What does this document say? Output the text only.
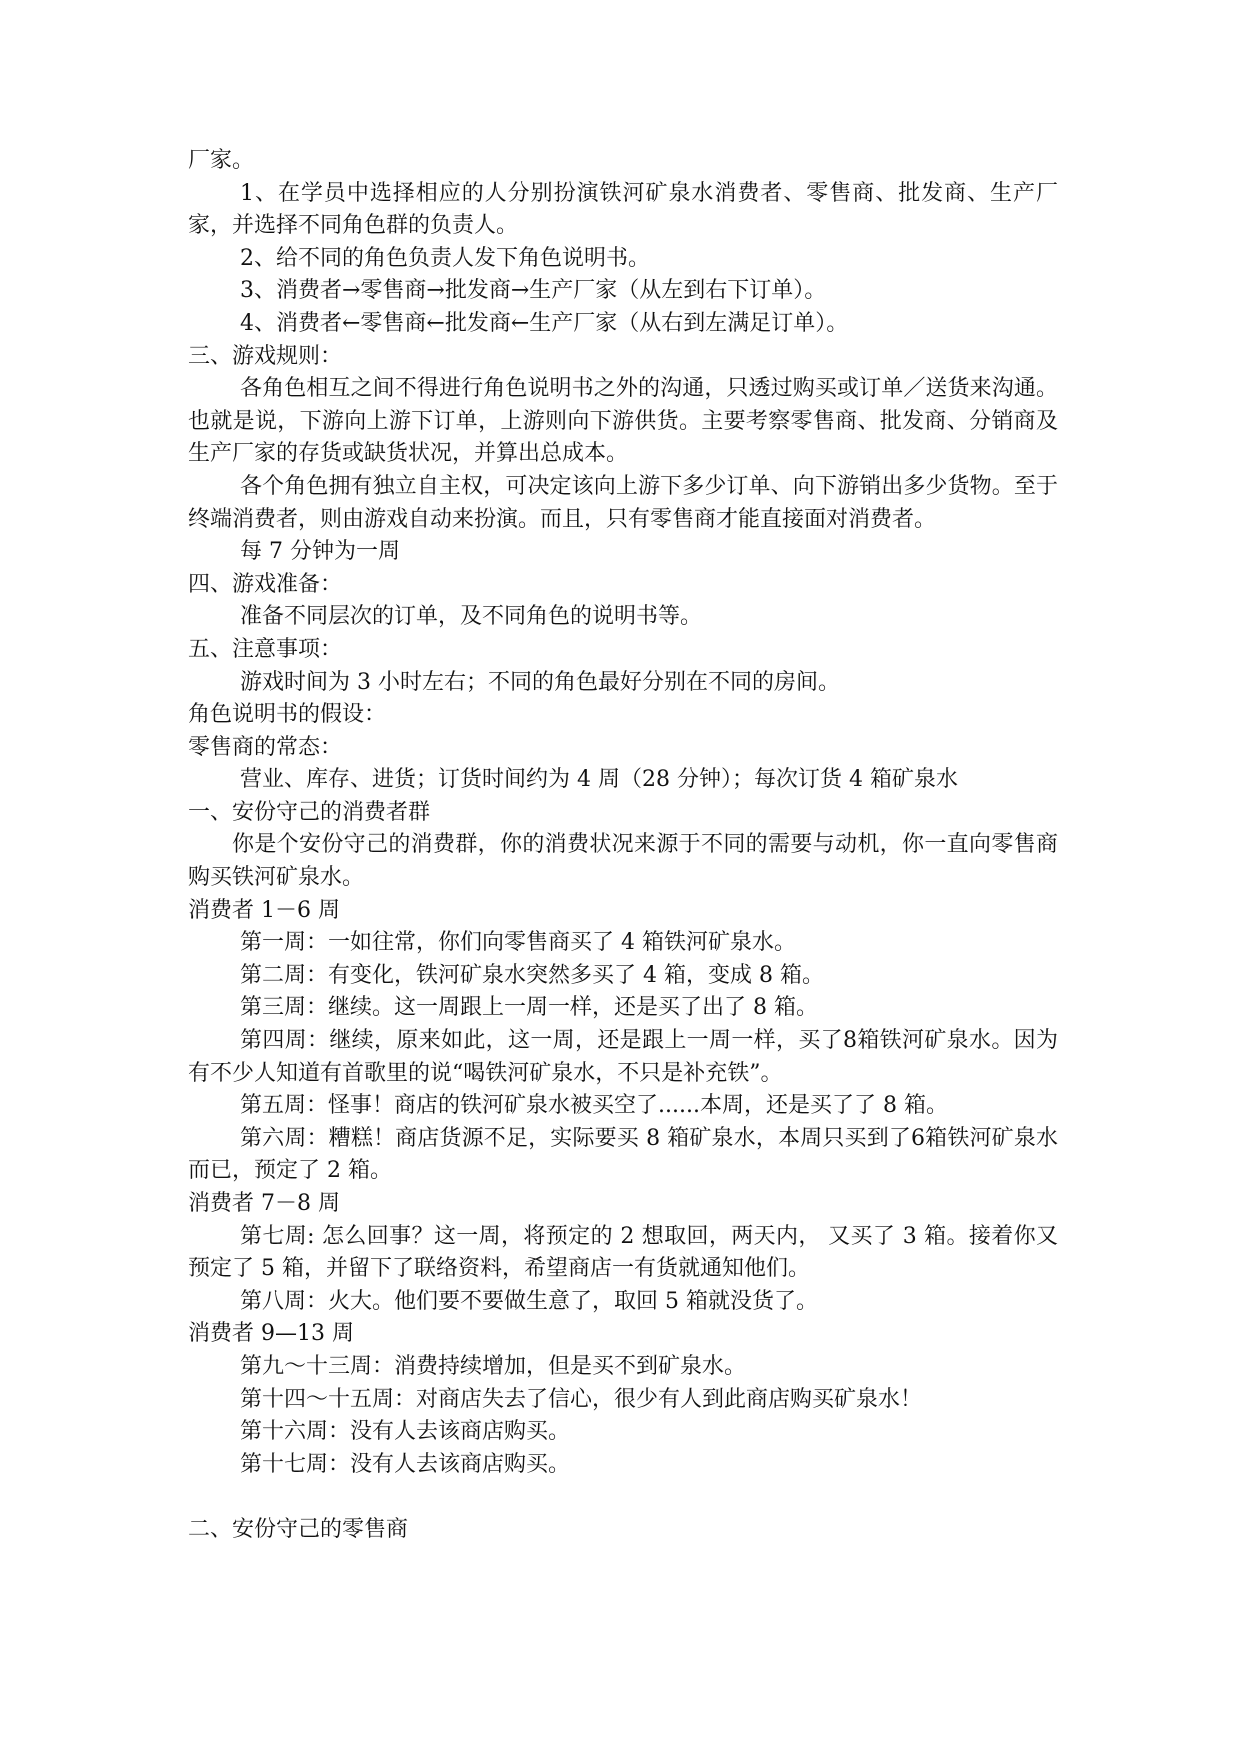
厂家。

1、在学员中选择相应的人分别扮演铁河矿泉水消费者、零售商、批发商、生产厂家，并选择不同角色群的负责人。

2、给不同的角色负责人发下角色说明书。

3、消费者→零售商→批发商→生产厂家（从左到右下订单）。

4、消费者←零售商←批发商←生产厂家（从右到左满足订单）。

三、游戏规则：

各角色相互之间不得进行角色说明书之外的沟通，只透过购买或订单／送货来沟通。也就是说，下游向上游下订单，上游则向下游供货。主要考察零售商、批发商、分销商及生产厂家的存货或缺货状况，并算出总成本。

各个角色拥有独立自主权，可决定该向上游下多少订单、向下游销出多少货物。至于终端消费者，则由游戏自动来扮演。而且，只有零售商才能直接面对消费者。

每 7 分钟为一周

四、游戏准备：

准备不同层次的订单，及不同角色的说明书等。

五、注意事项：

游戏时间为 3 小时左右；不同的角色最好分别在不同的房间。

角色说明书的假设：

零售商的常态：

营业、库存、进货；订货时间约为 4 周（28 分钟）；每次订货 4 箱矿泉水

一、安份守己的消费者群

你是个安份守己的消费群，你的消费状况来源于不同的需要与动机，你一直向零售商购买铁河矿泉水。

消费者 1－6 周

第一周：一如往常，你们向零售商买了 4 箱铁河矿泉水。

第二周：有变化，铁河矿泉水突然多买了 4 箱，变成 8 箱。

第三周：继续。这一周跟上一周一样，还是买了出了 8 箱。

第四周：继续，原来如此，这一周，还是跟上一周一样，买了8箱铁河矿泉水。因为有不少人知道有首歌里的说“喝铁河矿泉水，不只是补充铁”。

第五周：怪事！商店的铁河矿泉水被买空了......本周，还是买了了 8 箱。

第六周：糟糕！商店货源不足，实际要买 8 箱矿泉水，本周只买到了6箱铁河矿泉水而已，预定了 2 箱。

消费者 7－8 周

第七周: 怎么回事？这一周，将预定的 2 想取回，两天内， 又买了 3 箱。接着你又预定了 5 箱，并留下了联络资料，希望商店一有货就通知他们。

第八周：火大。他们要不要做生意了，取回 5 箱就没货了。

消费者 9—13 周

第九～十三周：消费持续增加，但是买不到矿泉水。

第十四～十五周：对商店失去了信心，很少有人到此商店购买矿泉水！

第十六周：没有人去该商店购买。

第十七周：没有人去该商店购买。

二、安份守己的零售商
